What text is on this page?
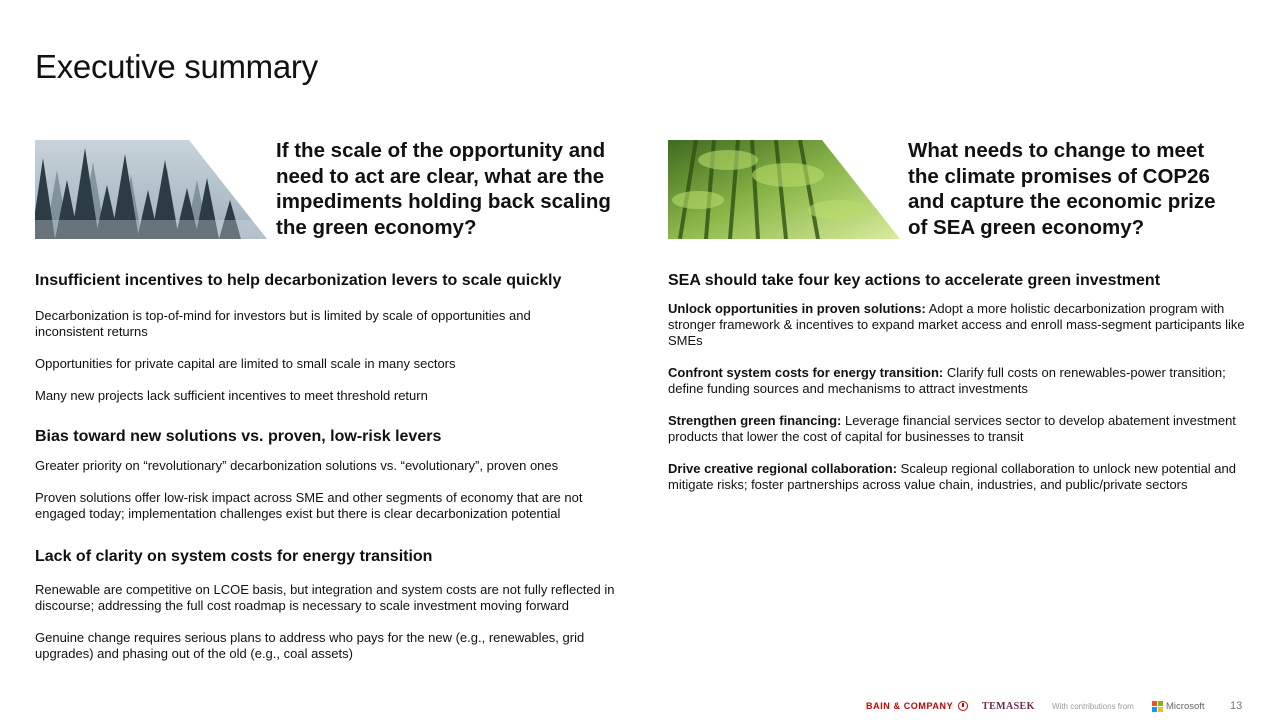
Executive summary
If the scale of the opportunity and need to act are clear, what are the impediments holding back scaling the green economy?
What needs to change to meet the climate promises of COP26 and capture the economic prize of SEA green economy?
Insufficient incentives to help decarbonization levers to scale quickly
Decarbonization is top-of-mind for investors but is limited by scale of opportunities and inconsistent returns
Opportunities for private capital are limited to small scale in many sectors
Many new projects lack sufficient incentives to meet threshold return
Bias toward new solutions vs. proven, low-risk levers
Greater priority on “revolutionary” decarbonization solutions vs. “evolutionary”, proven ones
Proven solutions offer low-risk impact across SME and other segments of economy that are not engaged today; implementation challenges exist but there is clear decarbonization potential
Lack of clarity on system costs for energy transition
Renewable are competitive on LCOE basis, but integration and system costs are not fully reflected in discourse; addressing the full cost roadmap is necessary to scale investment moving forward
Genuine change requires serious plans to address who pays for the new (e.g., renewables, grid upgrades) and phasing out of the old (e.g., coal assets)
SEA should take four key actions to accelerate green investment
Unlock opportunities in proven solutions: Adopt a more holistic decarbonization program with stronger framework & incentives to expand market access and enroll mass-segment participants like SMEs
Confront system costs for energy transition: Clarify full costs on renewables-power transition; define funding sources and mechanisms to attract investments
Strengthen green financing: Leverage financial services sector to develop abatement investment products that lower the cost of capital for businesses to transit
Drive creative regional collaboration: Scaleup regional collaboration to unlock new potential and mitigate risks; foster partnerships across value chain, industries, and public/private sectors
BAIN & COMPANY	TEMASEK With contributions from	Microsoft 13
